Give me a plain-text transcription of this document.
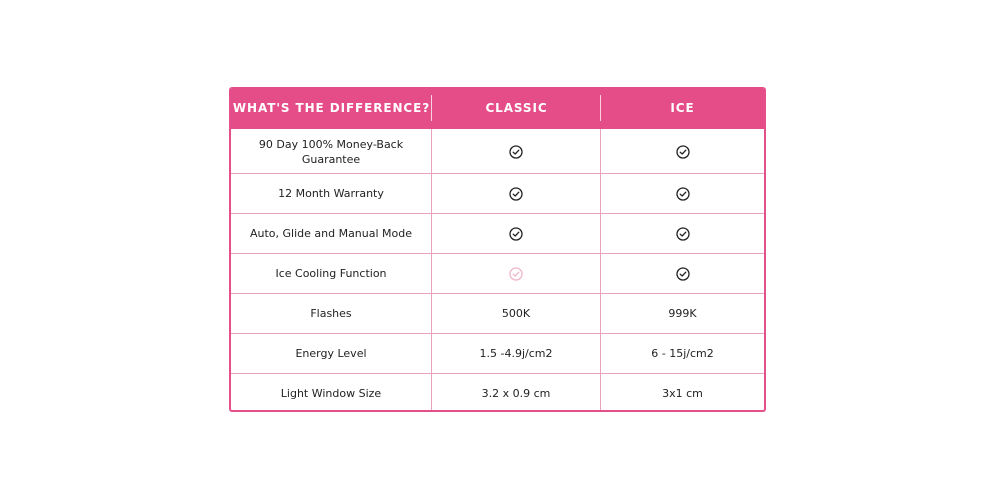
WHAT'S THE DIFFERENCE?	CLASSIC	ICE
90 Day 100% Money-Back Guarantee
12 Month Warranty
Auto, Glide and Manual Mode
Ice Cooling Function
Flashes	500K	999K
Energy Level	1.5 -4.9j/cm2	6 - 15j/cm2
Light Window Size	3.2 x 0.9 cm	3x1 cm
